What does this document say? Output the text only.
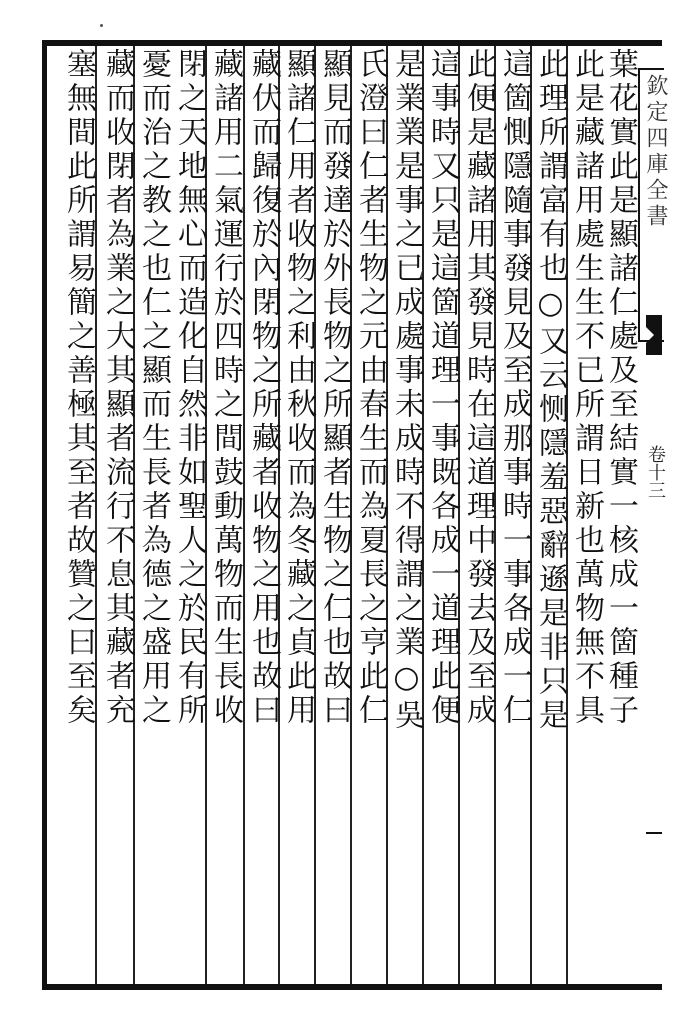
葉花實此是顯諸仁處及至結實一核成一箇種子
此是藏諸用處生生不已所謂日新也萬物無不具
此理所謂富有也○又云恻隱羞惡辭遜是非只是
這箇惻隱隨事發見及至成那事時一事各成一仁
此便是藏諸用其發見時在這道理中發去及至成
這事時又只是這箇道理一事既各成一道理此便
是業業是事之已成處事未成時不得謂之業○吳
氏澄曰仁者生物之元由春生而為夏長之亨此仁
顯見而發達於外長物之所顯者生物之仁也故曰
顯諸仁用者收物之利由秋收而為冬藏之貞此用
藏伏而歸復於內閉物之所藏者收物之用也故曰
藏諸用二氣運行於四時之間鼓動萬物而生長收
閉之天地無心而造化自然非如聖人之於民有所
憂而治之教之也仁之顯而生長者為德之盛用之
藏而收閉者為業之大其顯者流行不息其藏者充
塞無間此所謂易簡之善極其至者故贊之曰至矣	欽定四庫全書
卷十三
